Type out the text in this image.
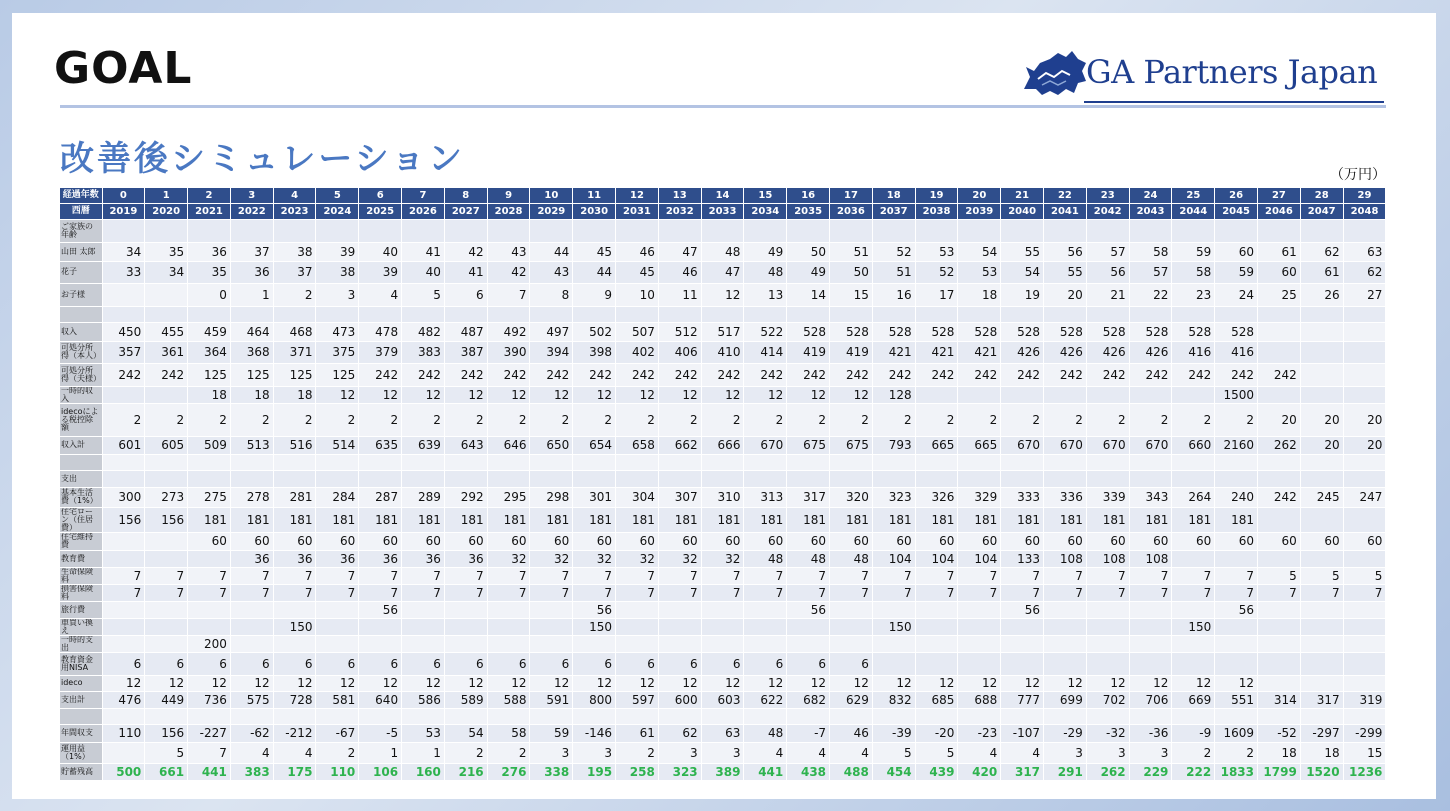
GOAL	GA Partners Japan
改善後シミュレーション	（万円）
経過年数	0	1	2	3	4	5	6	7	8	9	10	11	12	13	14	15	16	17	18	19	20	21	22	23	24	25	26	27	28	29
西暦	2019	2020	2021	2022	2023	2024	2025	2026	2027	2028	2029	2030	2031	2032	2033	2034	2035	2036	2037	2038	2039	2040	2041	2042	2043	2044	2045	2046	2047	2048
ご家族の年齢																														
山田 太郎	34	35	36	37	38	39	40	41	42	43	44	45	46	47	48	49	50	51	52	53	54	55	56	57	58	59	60	61	62	63
花子	33	34	35	36	37	38	39	40	41	42	43	44	45	46	47	48	49	50	51	52	53	54	55	56	57	58	59	60	61	62
お子様			0	1	2	3	4	5	6	7	8	9	10	11	12	13	14	15	16	17	18	19	20	21	22	23	24	25	26	27

収入	450	455	459	464	468	473	478	482	487	492	497	502	507	512	517	522	528	528	528	528	528	528	528	528	528	528	528			
可処分所得（本人）	357	361	364	368	371	375	379	383	387	390	394	398	402	406	410	414	419	419	421	421	421	426	426	426	426	416	416			
可処分所得（夫様）	242	242	125	125	125	125	242	242	242	242	242	242	242	242	242	242	242	242	242	242	242	242	242	242	242	242	242	242		
一時的収入			18	18	18	12	12	12	12	12	12	12	12	12	12	12	12	12	128								1500			
idecoによる税控除額	2	2	2	2	2	2	2	2	2	2	2	2	2	2	2	2	2	2	2	2	2	2	2	2	2	2	2	20	20	20
収入計	601	605	509	513	516	514	635	639	643	646	650	654	658	662	666	670	675	675	793	665	665	670	670	670	670	660	2160	262	20	20

支出																														
基本生活費（1%）	300	273	275	278	281	284	287	289	292	295	298	301	304	307	310	313	317	320	323	326	329	333	336	339	343	264	240	242	245	247
住宅ローン（住居費）	156	156	181	181	181	181	181	181	181	181	181	181	181	181	181	181	181	181	181	181	181	181	181	181	181	181	181			
住宅維持費			60	60	60	60	60	60	60	60	60	60	60	60	60	60	60	60	60	60	60	60	60	60	60	60	60	60	60	60
教育費				36	36	36	36	36	36	32	32	32	32	32	32	48	48	48	104	104	104	133	108	108	108					
生命保険料	7	7	7	7	7	7	7	7	7	7	7	7	7	7	7	7	7	7	7	7	7	7	7	7	7	7	7	5	5	5
損害保険料	7	7	7	7	7	7	7	7	7	7	7	7	7	7	7	7	7	7	7	7	7	7	7	7	7	7	7	7	7	7
旅行費							56					56					56					56					56			
車買い換え					150							150							150							150				
一時的支出			200																											
教育資金用NISA	6	6	6	6	6	6	6	6	6	6	6	6	6	6	6	6	6	6												
ideco	12	12	12	12	12	12	12	12	12	12	12	12	12	12	12	12	12	12	12	12	12	12	12	12	12	12	12			
支出計	476	449	736	575	728	581	640	586	589	588	591	800	597	600	603	622	682	629	832	685	688	777	699	702	706	669	551	314	317	319

年間収支	110	156	-227	-62	-212	-67	-5	53	54	58	59	-146	61	62	63	48	-7	46	-39	-20	-23	-107	-29	-32	-36	-9	1609	-52	-297	-299
運用益（1%）		5	7	4	4	2	1	1	2	2	3	3	2	3	3	4	4	4	5	5	4	4	3	3	3	2	2	18	18	15
貯蓄残高	500	661	441	383	175	110	106	160	216	276	338	195	258	323	389	441	438	488	454	439	420	317	291	262	229	222	1833	1799	1520	1236
